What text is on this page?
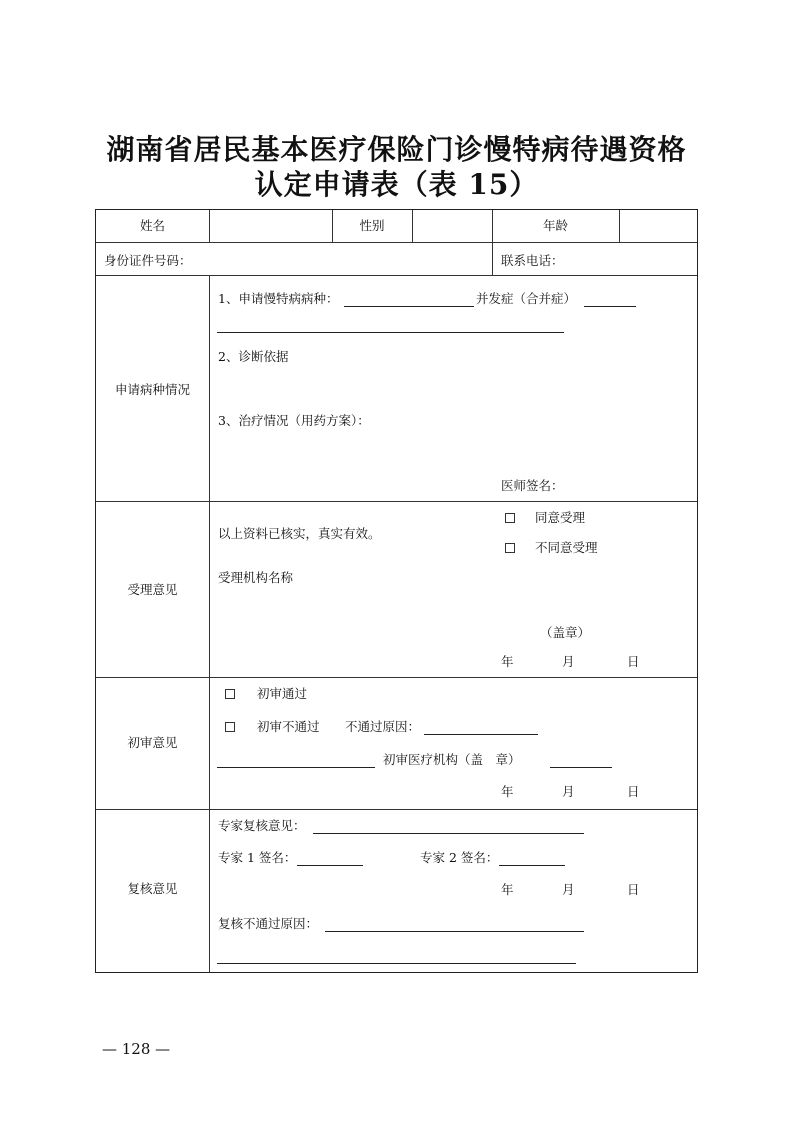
湖南省居民基本医疗保险门诊慢特病待遇资格
认定申请表（表 15）
姓名	性别	年龄
身份证件号码：	联系电话：
申请病种情况
1、申请慢特病病种：	并发症（合并症）
2、诊断依据
3、治疗情况（用药方案）：
医师签名：
受理意见
以上资料已核实，真实有效。
同意受理
不同意受理
受理机构名称
（盖章）
年	月	日
初审意见
初审通过
初审不通过 不通过原因：
初审医疗机构（盖　章）
年	月	日
复核意见
专家复核意见：
专家 1 签名：	专家 2 签名：
年	月	日
复核不通过原因：
— 128 —
